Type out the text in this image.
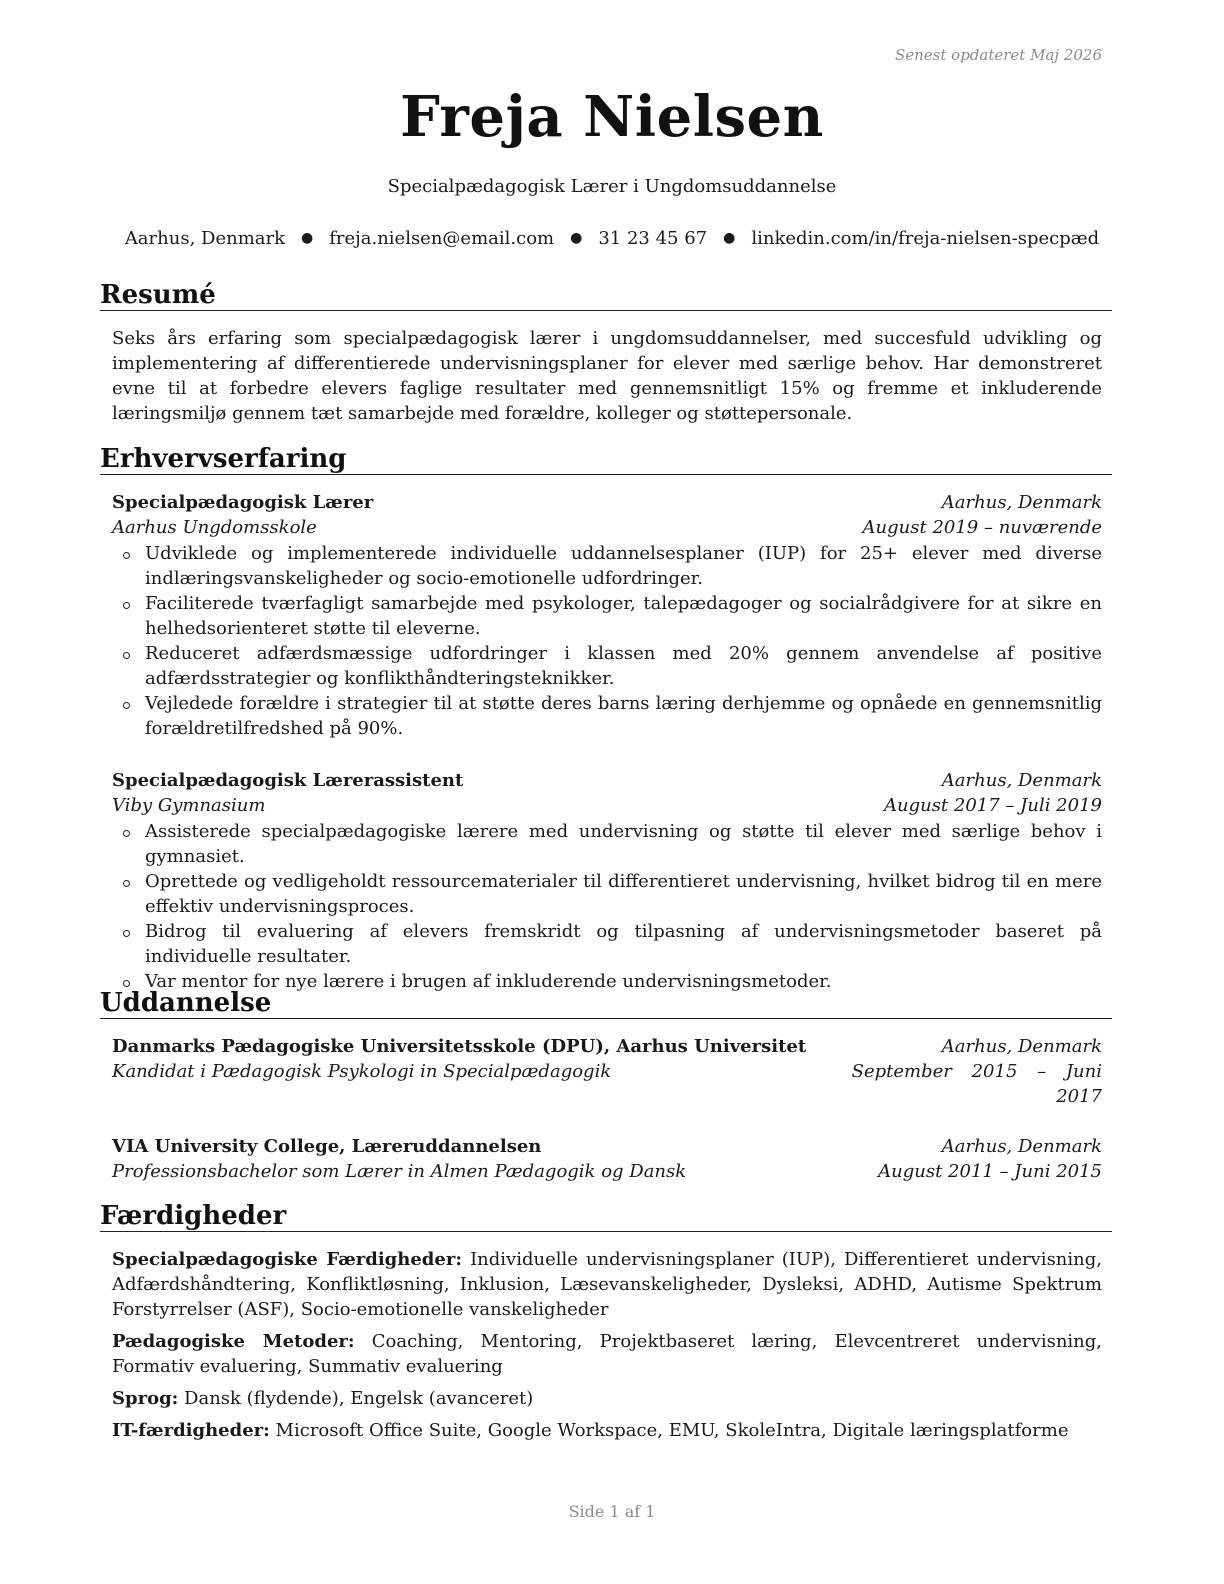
Senest opdateret Maj 2026
Freja Nielsen
Specialpædagogisk Lærer i Ungdomsuddannelse
Aarhus, Denmark ● freja.nielsen@email.com ● 31 23 45 67 ● linkedin.com/in/freja-nielsen-specpæd
Resumé
Seks års erfaring som specialpædagogisk lærer i ungdomsuddannelser, med succesfuld udvikling og implementering af differentierede undervisningsplaner for elever med særlige behov. Har demonstreret evne til at forbedre elevers faglige resultater med gennemsnitligt 15% og fremme et inkluderende læringsmiljø gennem tæt samarbejde med forældre, kolleger og støttepersonale.
Erhvervserfaring
Specialpædagogisk Lærer	Aarhus, Denmark
Aarhus Ungdomsskole	August 2019 – nuværende
Udviklede og implementerede individuelle uddannelsesplaner (IUP) for 25+ elever med diverse indlæringsvanskeligheder og socio-emotionelle udfordringer.
Faciliterede tværfagligt samarbejde med psykologer, talepædagoger og socialrådgivere for at sikre en helhedsorienteret støtte til eleverne.
Reduceret adfærdsmæssige udfordringer i klassen med 20% gennem anvendelse af positive adfærdsstrategier og konflikthåndteringsteknikker.
Vejledede forældre i strategier til at støtte deres barns læring derhjemme og opnåede en gennemsnitlig forældretilfredshed på 90%.
Specialpædagogisk Lærerassistent	Aarhus, Denmark
Viby Gymnasium	August 2017 – Juli 2019
Assisterede specialpædagogiske lærere med undervisning og støtte til elever med særlige behov i gymnasiet.
Oprettede og vedligeholdt ressourcematerialer til differentieret undervisning, hvilket bidrog til en mere effektiv undervisningsproces.
Bidrog til evaluering af elevers fremskridt og tilpasning af undervisningsmetoder baseret på individuelle resultater.
Var mentor for nye lærere i brugen af inkluderende undervisningsmetoder.
Uddannelse
Danmarks Pædagogiske Universitetsskole (DPU), Aarhus Universitet	Aarhus, Denmark
Kandidat i Pædagogisk Psykologi in Specialpædagogik	September 2015 – Juni
2017
VIA University College, Læreruddannelsen	Aarhus, Denmark
Professionsbachelor som Lærer in Almen Pædagogik og Dansk	August 2011 – Juni 2015
Færdigheder
Specialpædagogiske Færdigheder: Individuelle undervisningsplaner (IUP), Differentieret undervisning, Adfærdshåndtering, Konfliktløsning, Inklusion, Læsevanskeligheder, Dysleksi, ADHD, Autisme Spektrum Forstyrrelser (ASF), Socio-emotionelle vanskeligheder
Pædagogiske Metoder: Coaching, Mentoring, Projektbaseret læring, Elevcentreret undervisning, Formativ evaluering, Summativ evaluering
Sprog: Dansk (flydende), Engelsk (avanceret)
IT-færdigheder: Microsoft Office Suite, Google Workspace, EMU, SkoleIntra, Digitale læringsplatforme
Side 1 af 1
